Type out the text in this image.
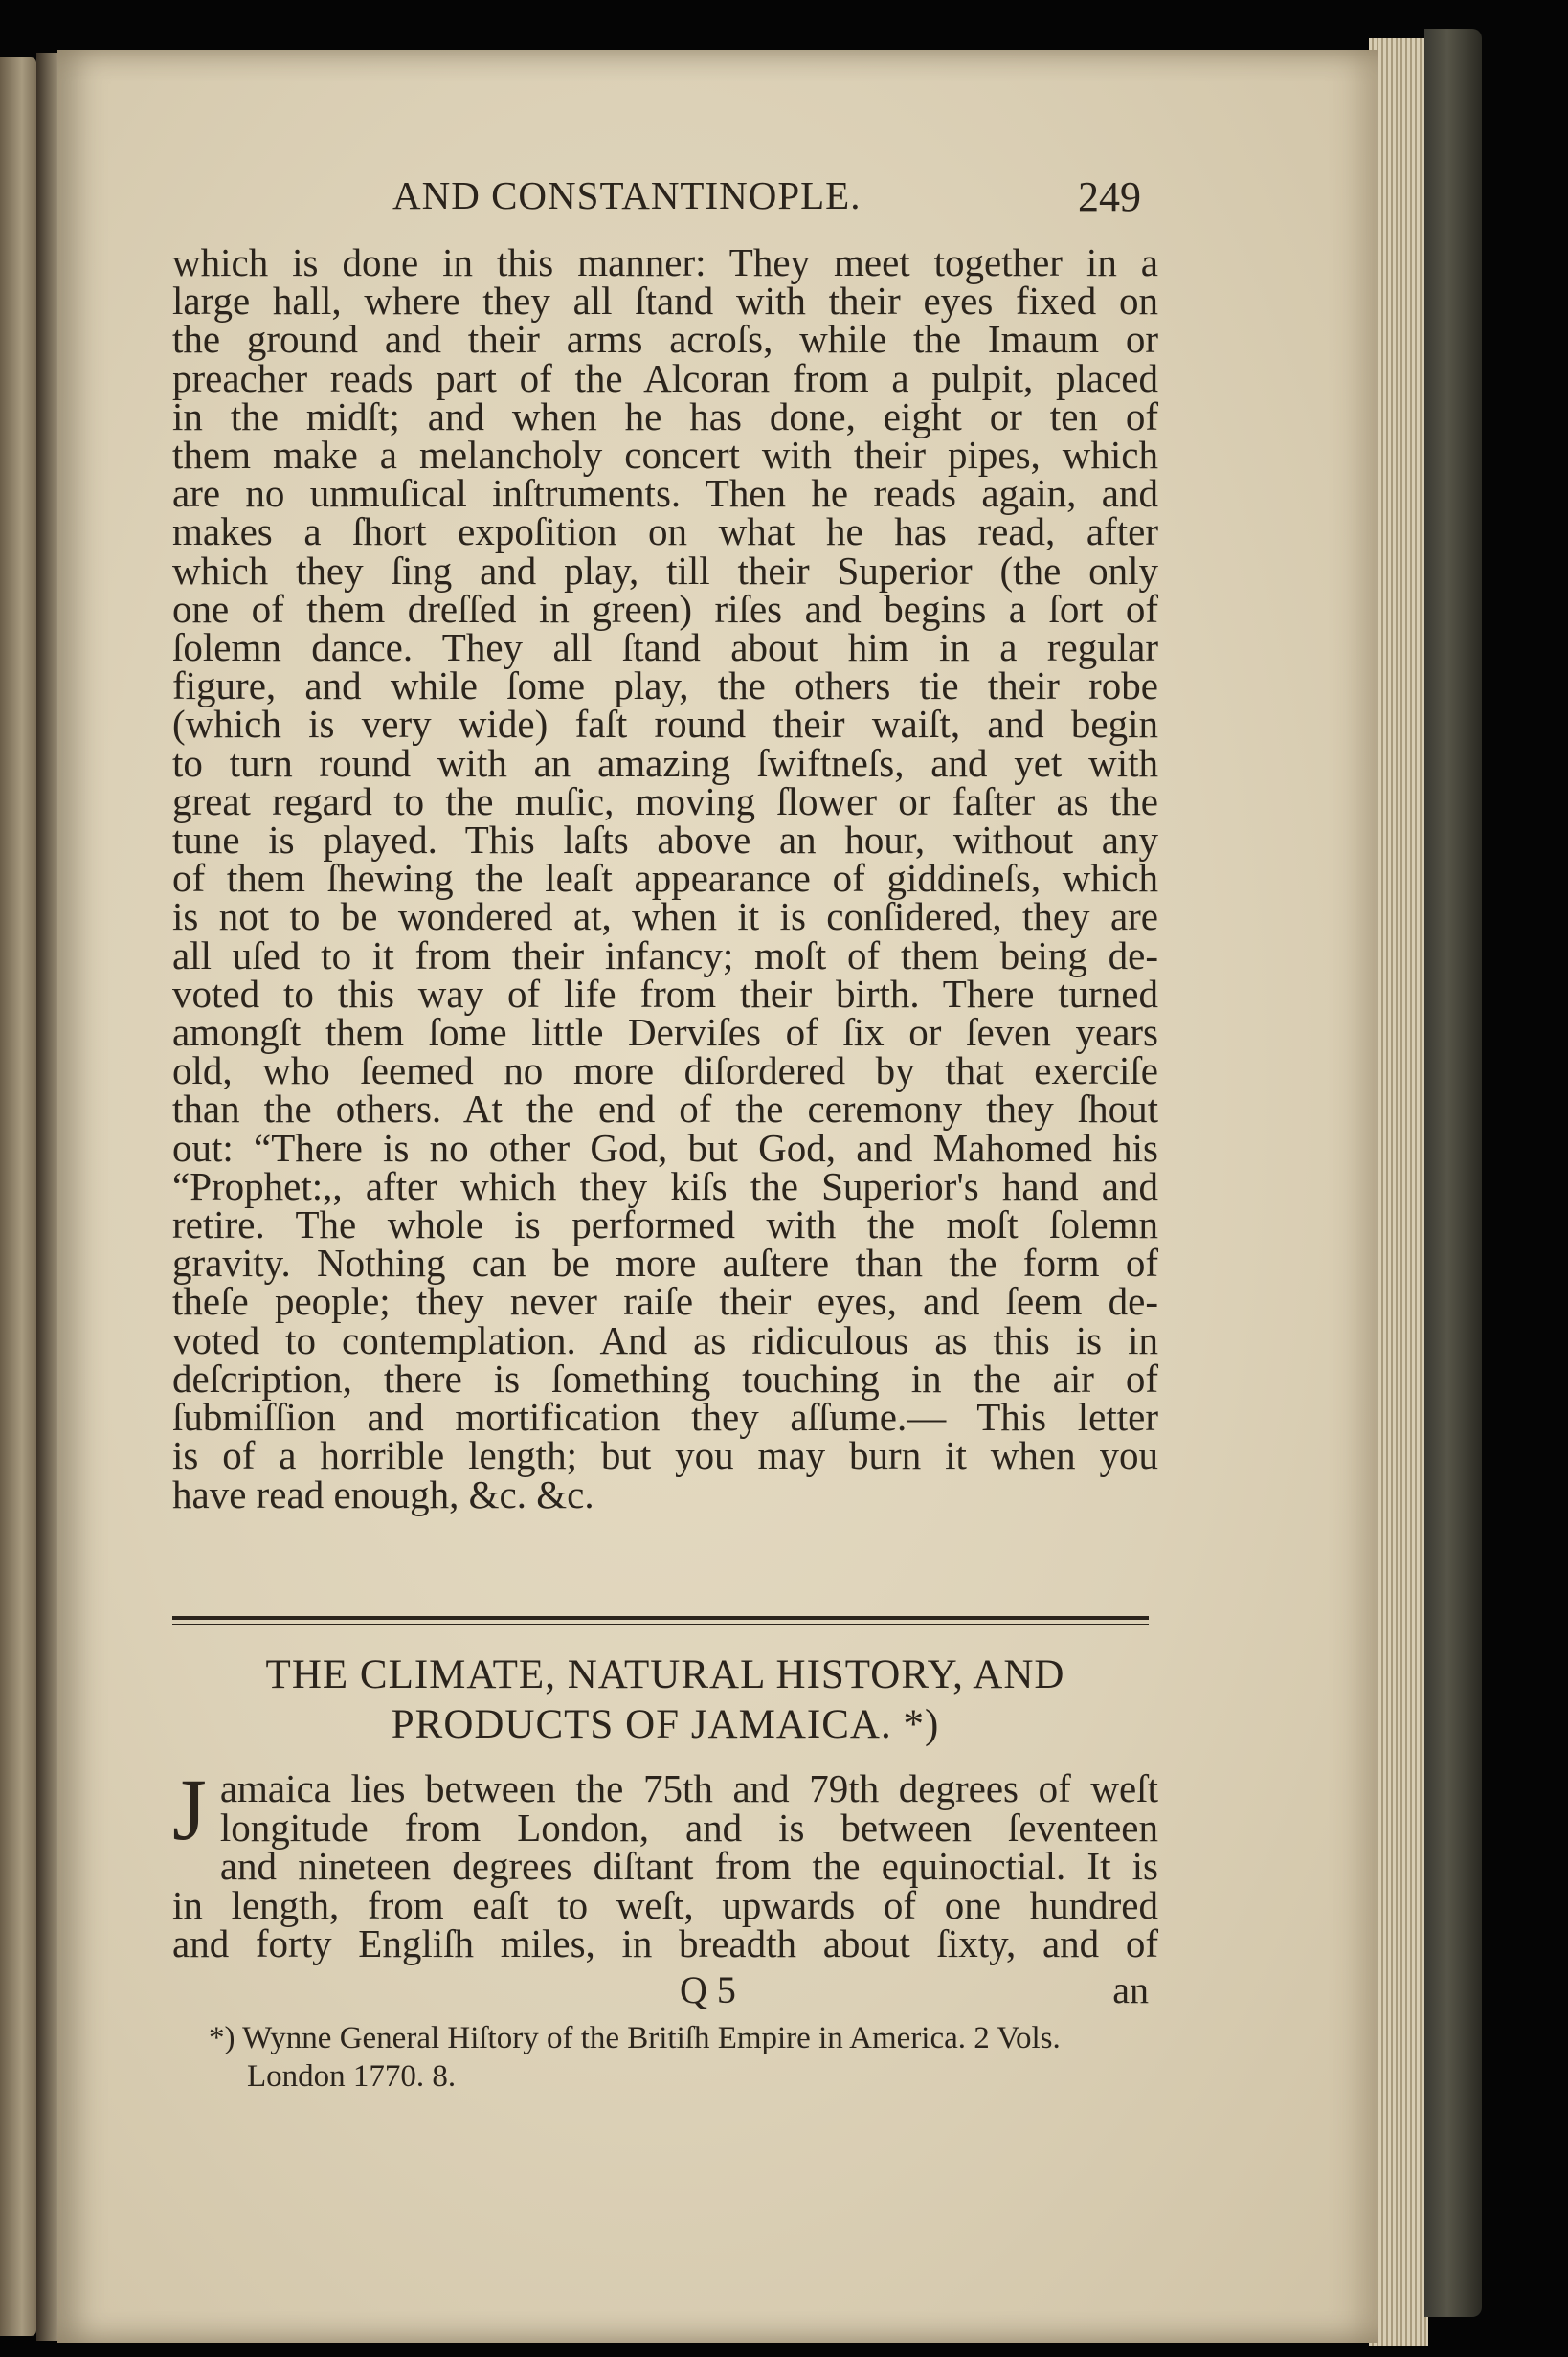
AND CONSTANTINOPLE.	249

which is done in this manner: They meet together in a

large hall, where they all ſtand with their eyes fixed on

the ground and their arms acroſs, while the Imaum or

preacher reads part of the Alcoran from a pulpit, placed

in the midſt; and when he has done, eight or ten of

them make a melancholy concert with their pipes, which

are no unmuſical inſtruments. Then he reads again, and

makes a ſhort expoſition on what he has read, after

which they ſing and play, till their Superior (the only

one of them dreſſed in green) riſes and begins a ſort of

ſolemn dance. They all ſtand about him in a regular

figure, and while ſome play, the others tie their robe

(which is very wide) faſt round their waiſt, and begin

to turn round with an amazing ſwiftneſs, and yet with

great regard to the muſic, moving ſlower or faſter as the

tune is played. This laſts above an hour, without any

of them ſhewing the leaſt appearance of giddineſs, which

is not to be wondered at, when it is conſidered, they are

all uſed to it from their infancy; moſt of them being de-

voted to this way of life from their birth. There turned

amongſt them ſome little Derviſes of ſix or ſeven years

old, who ſeemed no more diſordered by that exerciſe

than the others. At the end of the ceremony they ſhout

out: “There is no other God, but God, and Mahomed his

“Prophet:,, after which they kiſs the Superior's hand and

retire. The whole is performed with the moſt ſolemn

gravity. Nothing can be more auſtere than the form of

theſe people; they never raiſe their eyes, and ſeem de-

voted to contemplation. And as ridiculous as this is in

deſcription, there is ſomething touching in the air of

ſubmiſſion and mortification they aſſume.— This letter

is of a horrible length; but you may burn it when you

have read enough, &c. &c.

THE CLIMATE, NATURAL HISTORY, AND
PRODUCTS OF JAMAICA. *)
J amaica lies between the 75th and 79th degrees of weſt

longitude from London, and is between ſeventeen

and nineteen degrees diſtant from the equinoctial. It is

in length, from eaſt to weſt, upwards of one hundred

and forty Engliſh miles, in breadth about ſixty, and of

Q 5	an
*) Wynne General Hiſtory of the Britiſh Empire in America. 2 Vols.
London 1770. 8.
